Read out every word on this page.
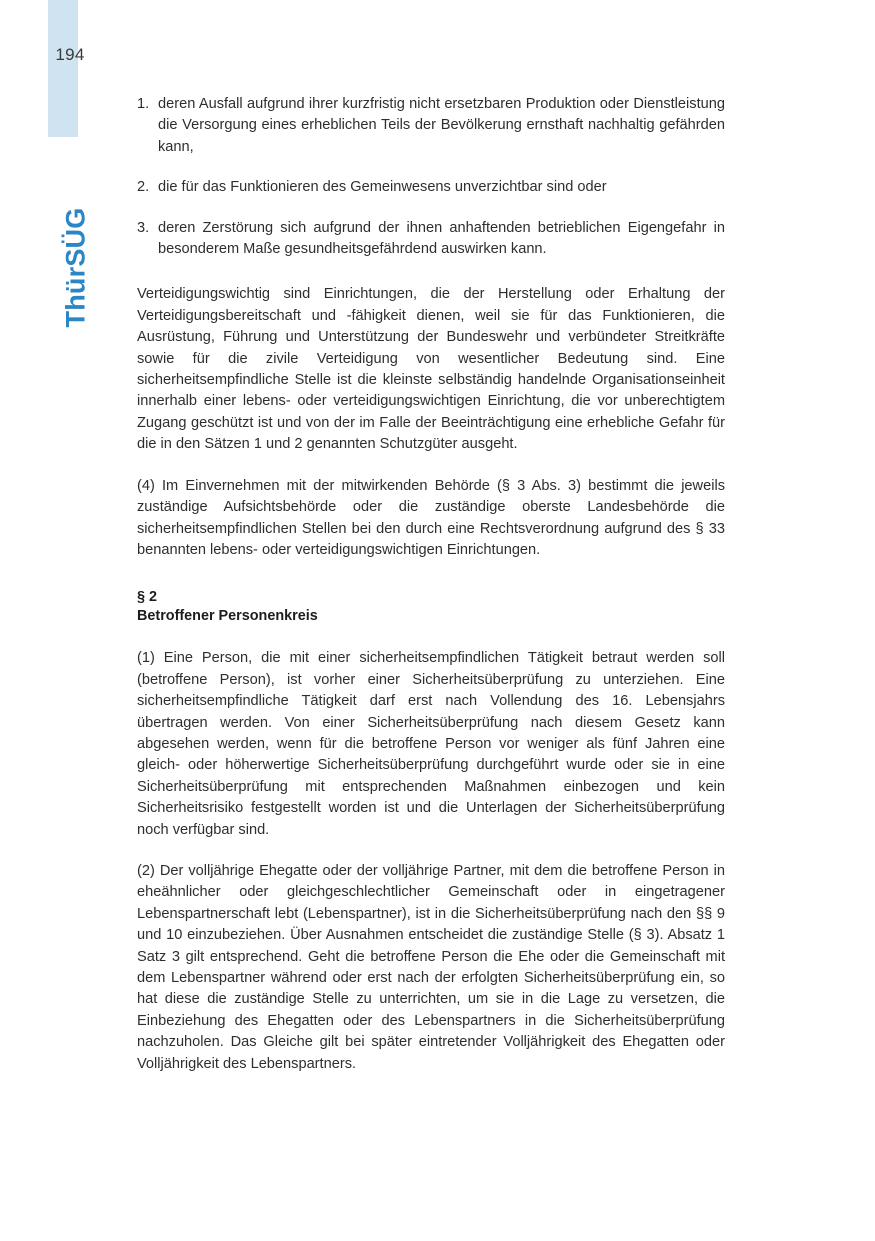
194
ThürSÜG
1. deren Ausfall aufgrund ihrer kurzfristig nicht ersetzbaren Produktion oder Dienstleistung die Versorgung eines erheblichen Teils der Bevölkerung ernsthaft nachhaltig gefährden kann,
2. die für das Funktionieren des Gemeinwesens unverzichtbar sind oder
3. deren Zerstörung sich aufgrund der ihnen anhaftenden betrieblichen Eigengefahr in besonderem Maße gesundheitsgefährdend auswirken kann.

Verteidigungswichtig sind Einrichtungen, die der Herstellung oder Erhaltung der Verteidigungsbereitschaft und -fähigkeit dienen, weil sie für das Funktionieren, die Ausrüstung, Führung und Unterstützung der Bundeswehr und verbündeter Streitkräfte sowie für die zivile Verteidigung von wesentlicher Bedeutung sind. Eine sicherheitsempfindliche Stelle ist die kleinste selbständig handelnde Organisationseinheit innerhalb einer lebens- oder verteidigungswichtigen Einrichtung, die vor unberechtigtem Zugang geschützt ist und von der im Falle der Beeinträchtigung eine erhebliche Gefahr für die in den Sätzen 1 und 2 genannten Schutzgüter ausgeht.

(4) Im Einvernehmen mit der mitwirkenden Behörde (§ 3 Abs. 3) bestimmt die jeweils zuständige Aufsichtsbehörde oder die zuständige oberste Landesbehörde die sicherheitsempfindlichen Stellen bei den durch eine Rechtsverordnung aufgrund des § 33 benannten lebens- oder verteidigungswichtigen Einrichtungen.

§ 2
Betroffener Personenkreis

(1) Eine Person, die mit einer sicherheitsempfindlichen Tätigkeit betraut werden soll (betroffene Person), ist vorher einer Sicherheitsüberprüfung zu unterziehen. Eine sicherheitsempfindliche Tätigkeit darf erst nach Vollendung des 16. Lebensjahrs übertragen werden. Von einer Sicherheitsüberprüfung nach diesem Gesetz kann abgesehen werden, wenn für die betroffene Person vor weniger als fünf Jahren eine gleich- oder höherwertige Sicherheitsüberprüfung durchgeführt wurde oder sie in eine Sicherheitsüberprüfung mit entsprechenden Maßnahmen einbezogen und kein Sicherheitsrisiko festgestellt worden ist und die Unterlagen der Sicherheitsüberprüfung noch verfügbar sind.

(2) Der volljährige Ehegatte oder der volljährige Partner, mit dem die betroffene Person in eheähnlicher oder gleichgeschlechtlicher Gemeinschaft oder in eingetragener Lebenspartnerschaft lebt (Lebenspartner), ist in die Sicherheitsüberprüfung nach den §§ 9 und 10 einzubeziehen. Über Ausnahmen entscheidet die zuständige Stelle (§ 3). Absatz 1 Satz 3 gilt entsprechend. Geht die betroffene Person die Ehe oder die Gemeinschaft mit dem Lebenspartner während oder erst nach der erfolgten Sicherheitsüberprüfung ein, so hat diese die zuständige Stelle zu unterrichten, um sie in die Lage zu versetzen, die Einbeziehung des Ehegatten oder des Lebenspartners in die Sicherheitsüberprüfung nachzuholen. Das Gleiche gilt bei später eintretender Volljährigkeit des Ehegatten oder Volljährigkeit des Lebenspartners.
